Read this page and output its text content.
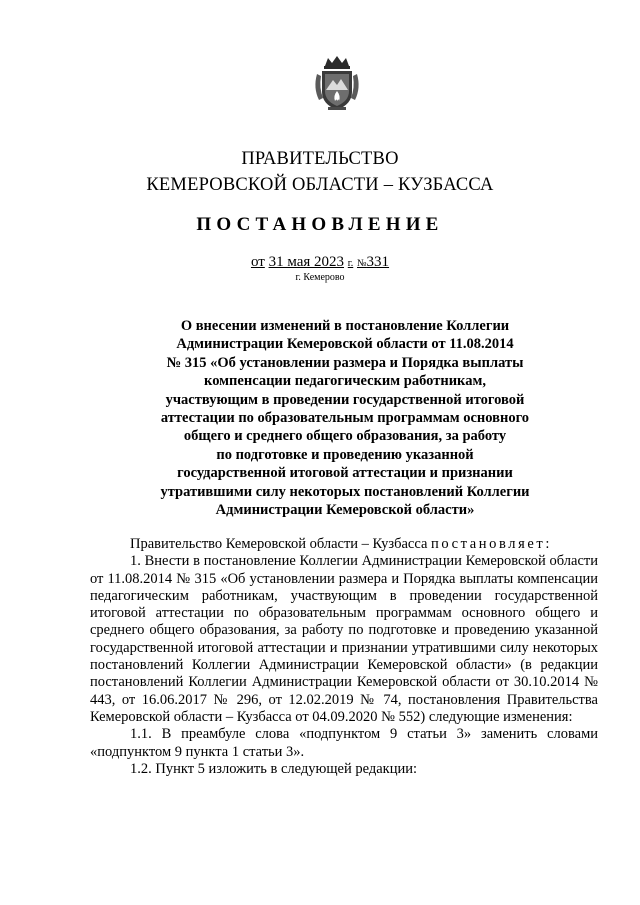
ПРАВИТЕЛЬСТВО
КЕМЕРОВСКОЙ ОБЛАСТИ – КУЗБАССА
ПОСТАНОВЛЕНИЕ
от 31 мая 2023 г. №331
г. Кемерово
О внесении изменений в постановление Коллегии
Администрации Кемеровской области от 11.08.2014
№ 315 «Об установлении размера и Порядка выплаты
компенсации педагогическим работникам,
участвующим в проведении государственной итоговой
аттестации по образовательным программам основного
общего и среднего общего образования, за работу
по подготовке и проведению указанной
государственной итоговой аттестации и признании
утратившими силу некоторых постановлений Коллегии
Администрации Кемеровской области»

Правительство Кемеровской области – Кузбасса постановляет:

1. Внести в постановление Коллегии Администрации Кемеровской области от 11.08.2014 № 315 «Об установлении размера и Порядка выплаты компенсации педагогическим работникам, участвующим в проведении государственной итоговой аттестации по образовательным программам основного общего и среднего общего образования, за работу по подготовке и проведению указанной государственной итоговой аттестации и признании утратившими силу некоторых постановлений Коллегии Администрации Кемеровской области» (в редакции постановлений Коллегии Администрации Кемеровской области от 30.10.2014 № 443, от 16.06.2017 № 296, от 12.02.2019 № 74, постановления Правительства Кемеровской области – Кузбасса от 04.09.2020 № 552) следующие изменения:

1.1. В преамбуле слова «подпунктом 9 статьи 3» заменить словами «подпунктом 9 пункта 1 статьи 3».

1.2. Пункт 5 изложить в следующей редакции:
